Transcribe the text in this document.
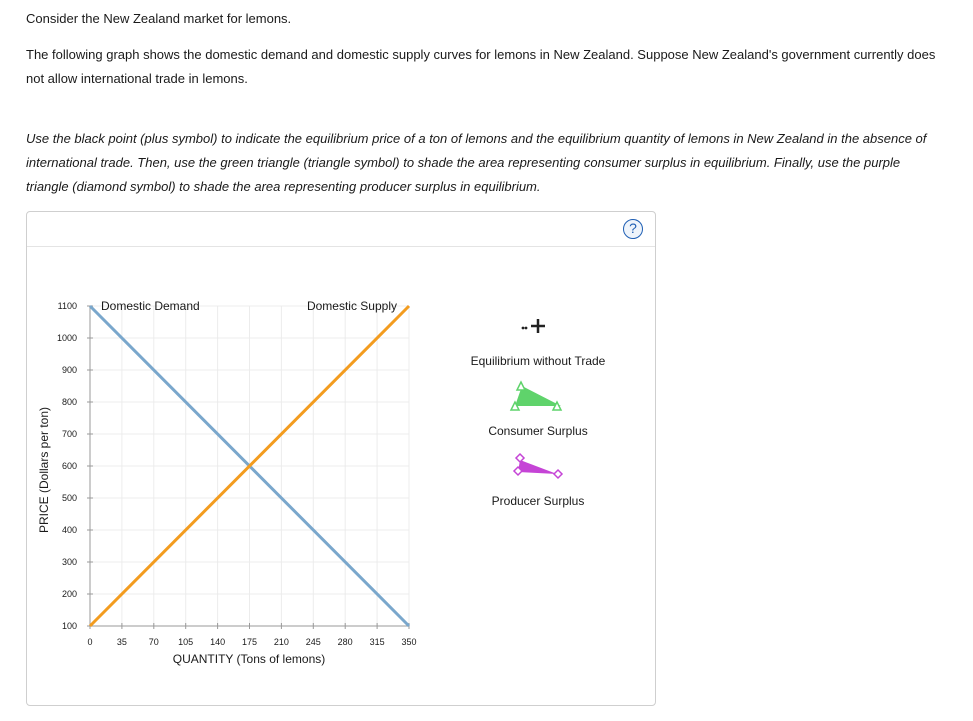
Consider the New Zealand market for lemons.

The following graph shows the domestic demand and domestic supply curves for lemons in New Zealand. Suppose New Zealand's government currently does not allow international trade in lemons.

Use the black point (plus symbol) to indicate the equilibrium price of a ton of lemons and the equilibrium quantity of lemons in New Zealand in the absence of international trade. Then, use the green triangle (triangle symbol) to shade the area representing consumer surplus in equilibrium. Finally, use the purple triangle (diamond symbol) to shade the area representing producer surplus in equilibrium.

?
100
200
300
400
500
600
700
800
900
1000
1100
0	35 70 105 140 175 210 245 280 315 350
Domestic Demand	Domestic Supply
PRICE (Dollars per ton)
QUANTITY (Tons of lemons)
Equilibrium without Trade
Consumer Surplus
Producer Surplus
